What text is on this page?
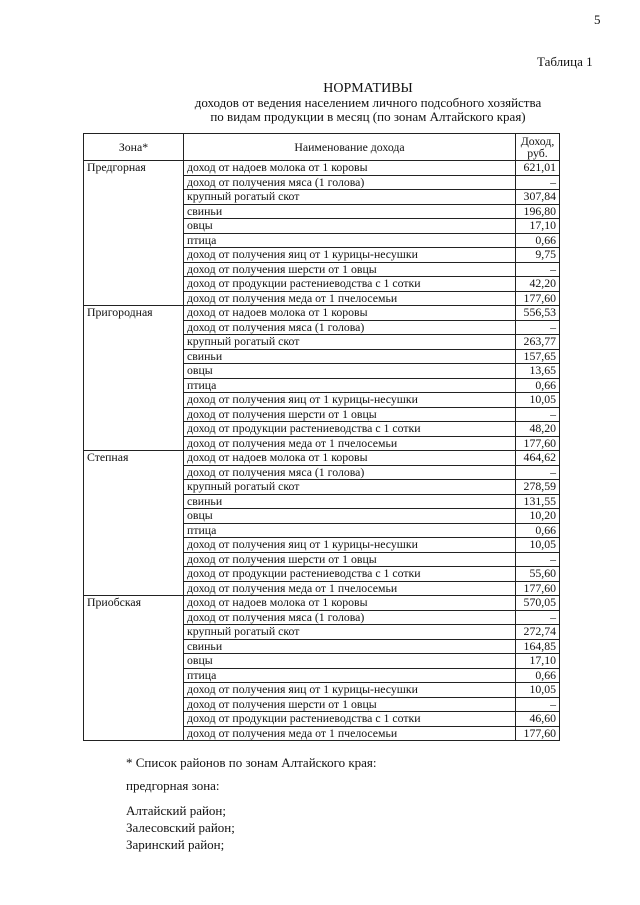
5
Таблица 1
НОРМАТИВЫ
доходов от ведения населением личного подсобного хозяйства
по видам продукции в месяц (по зонам Алтайского края)
Зона*	Наименование дохода	Доход,
руб.

Предгорная	доход от надоев молока от 1 коровы	621,01
	доход от получения мяса (1 голова)	–
	крупный рогатый скот	307,84
	свиньи	196,80
	овцы	17,10
	птица	0,66
	доход от получения яиц от 1 курицы-несушки	9,75
	доход от получения шерсти от 1 овцы	–
	доход от продукции растениеводства с 1 сотки	42,20
	доход от получения меда от 1 пчелосемьи	177,60
Пригородная	доход от надоев молока от 1 коровы	556,53
	доход от получения мяса (1 голова)	–
	крупный рогатый скот	263,77
	свиньи	157,65
	овцы	13,65
	птица	0,66
	доход от получения яиц от 1 курицы-несушки	10,05
	доход от получения шерсти от 1 овцы	–
	доход от продукции растениеводства с 1 сотки	48,20
	доход от получения меда от 1 пчелосемьи	177,60
Степная	доход от надоев молока от 1 коровы	464,62
	доход от получения мяса (1 голова)	–
	крупный рогатый скот	278,59
	свиньи	131,55
	овцы	10,20
	птица	0,66
	доход от получения яиц от 1 курицы-несушки	10,05
	доход от получения шерсти от 1 овцы	–
	доход от продукции растениеводства с 1 сотки	55,60
	доход от получения меда от 1 пчелосемьи	177,60
Приобская	доход от надоев молока от 1 коровы	570,05
	доход от получения мяса (1 голова)	–
	крупный рогатый скот	272,74
	свиньи	164,85
	овцы	17,10
	птица	0,66
	доход от получения яиц от 1 курицы-несушки	10,05
	доход от получения шерсти от 1 овцы	–
	доход от продукции растениеводства с 1 сотки	46,60
	доход от получения меда от 1 пчелосемьи	177,60
* Список районов по зонам Алтайского края:
предгорная зона:
Алтайский район;
Залесовский район;
Заринский район;
